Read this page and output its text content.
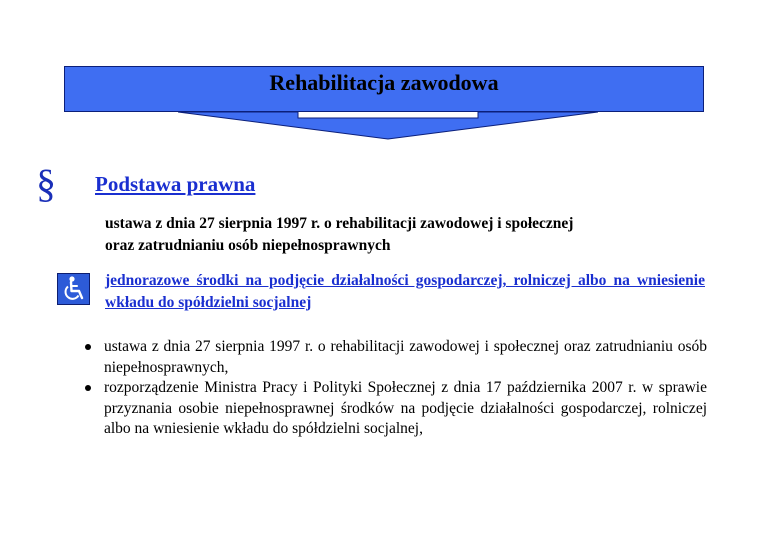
Rehabilitacja zawodowa
§ Podstawa prawna
ustawa z dnia 27 sierpnia 1997 r. o rehabilitacji zawodowej i społecznej
oraz zatrudnianiu osób niepełnosprawnych
jednorazowe środki na podjęcie działalności gospodarczej, rolniczej albo na wniesienie wkładu do spółdzielni socjalnej
ustawa z dnia 27 sierpnia 1997 r. o rehabilitacji zawodowej i społecznej oraz zatrudnianiu osób niepełnosprawnych,
rozporządzenie Ministra Pracy i Polityki Społecznej z dnia 17 października 2007 r. w sprawie przyznania osobie niepełnosprawnej środków na podjęcie działalności gospodarczej, rolniczej albo na wniesienie wkładu do spółdzielni socjalnej,
